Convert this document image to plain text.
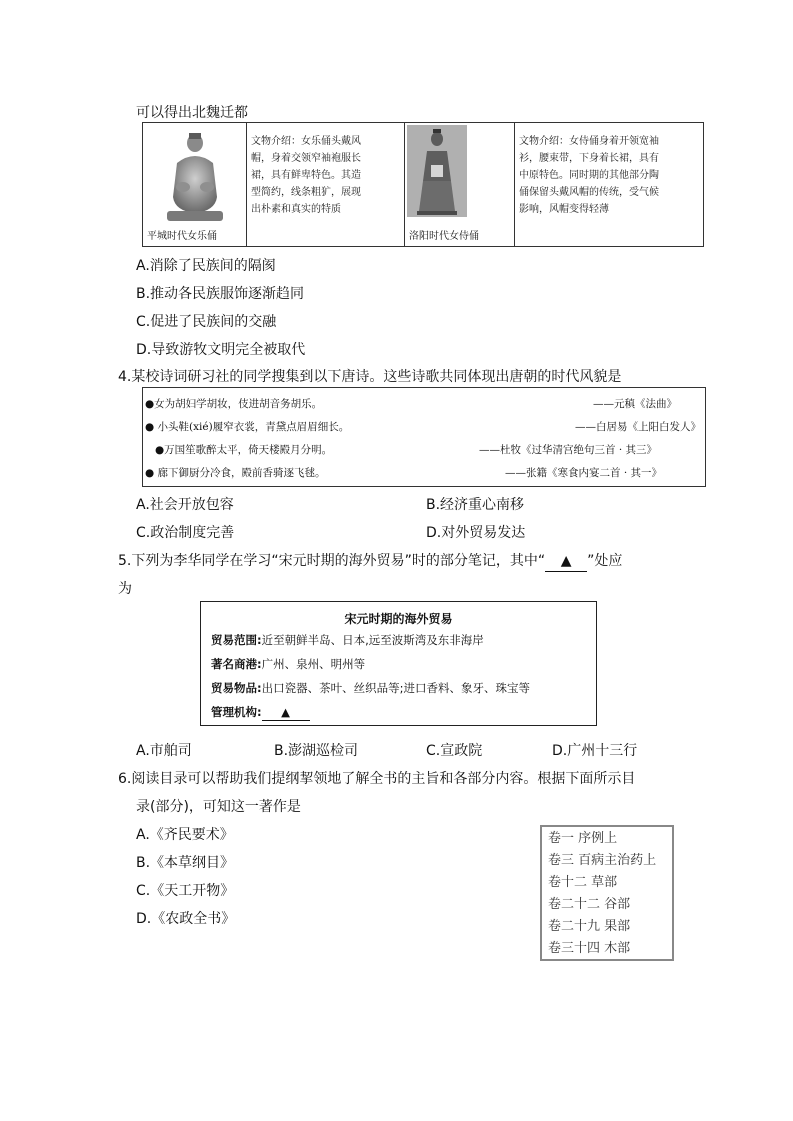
可以得出北魏迁都
平城时代女乐俑
文物介绍：女乐俑头戴风
帽，身着交领窄袖袍服长
裙，具有鲜卑特色。其造
型简约，线条粗犷，展现
出朴素和真实的特质
洛阳时代女侍俑
文物介绍：女侍俑身着开领宽袖
衫，腰束带，下身着长裙，具有
中原特色。同时期的其他部分陶
俑保留头戴风帽的传统，受气候
影响，风帽变得轻薄
A.消除了民族间的隔阂
B.推动各民族服饰逐渐趋同
C.促进了民族间的交融
D.导致游牧文明完全被取代
4.某校诗词研习社的同学搜集到以下唐诗。这些诗歌共同体现出唐朝的时代风貌是
●女为胡妇学胡妆，伎进胡音务胡乐。	——元稹《法曲》
● 小头鞋(xié)履窄衣裳，青黛点眉眉细长。	——白居易《上阳白发人》
●万国笙歌醉太平，倚天楼殿月分明。	——杜牧《过华清宫绝句三首 · 其三》
● 廊下御厨分冷食，殿前香骑逐飞毬。	——张籍《寒食内宴二首 · 其一》
A.社会开放包容	B.经济重心南移
C.政治制度完善	D.对外贸易发达
5.下列为李华同学在学习“宋元时期的海外贸易”时的部分笔记，其中“ ▲ ”处应
为
宋元时期的海外贸易
贸易范围:近至朝鲜半岛、日本,远至波斯湾及东非海岸
著名商港:广州、泉州、明州等
贸易物品:出口瓷器、茶叶、丝织品等;进口香料、象牙、珠宝等
管理机构: ▲
A.市舶司	B.澎湖巡检司	C.宣政院	D.广州十三行
6.阅读目录可以帮助我们提纲挈领地了解全书的主旨和各部分内容。根据下面所示目
录(部分)，可知这一著作是
A.《齐民要术》
B.《本草纲目》
C.《天工开物》
D.《农政全书》
卷一 序例上
卷三 百病主治药上
卷十二 草部
卷二十二 谷部
卷二十九 果部
卷三十四 木部
